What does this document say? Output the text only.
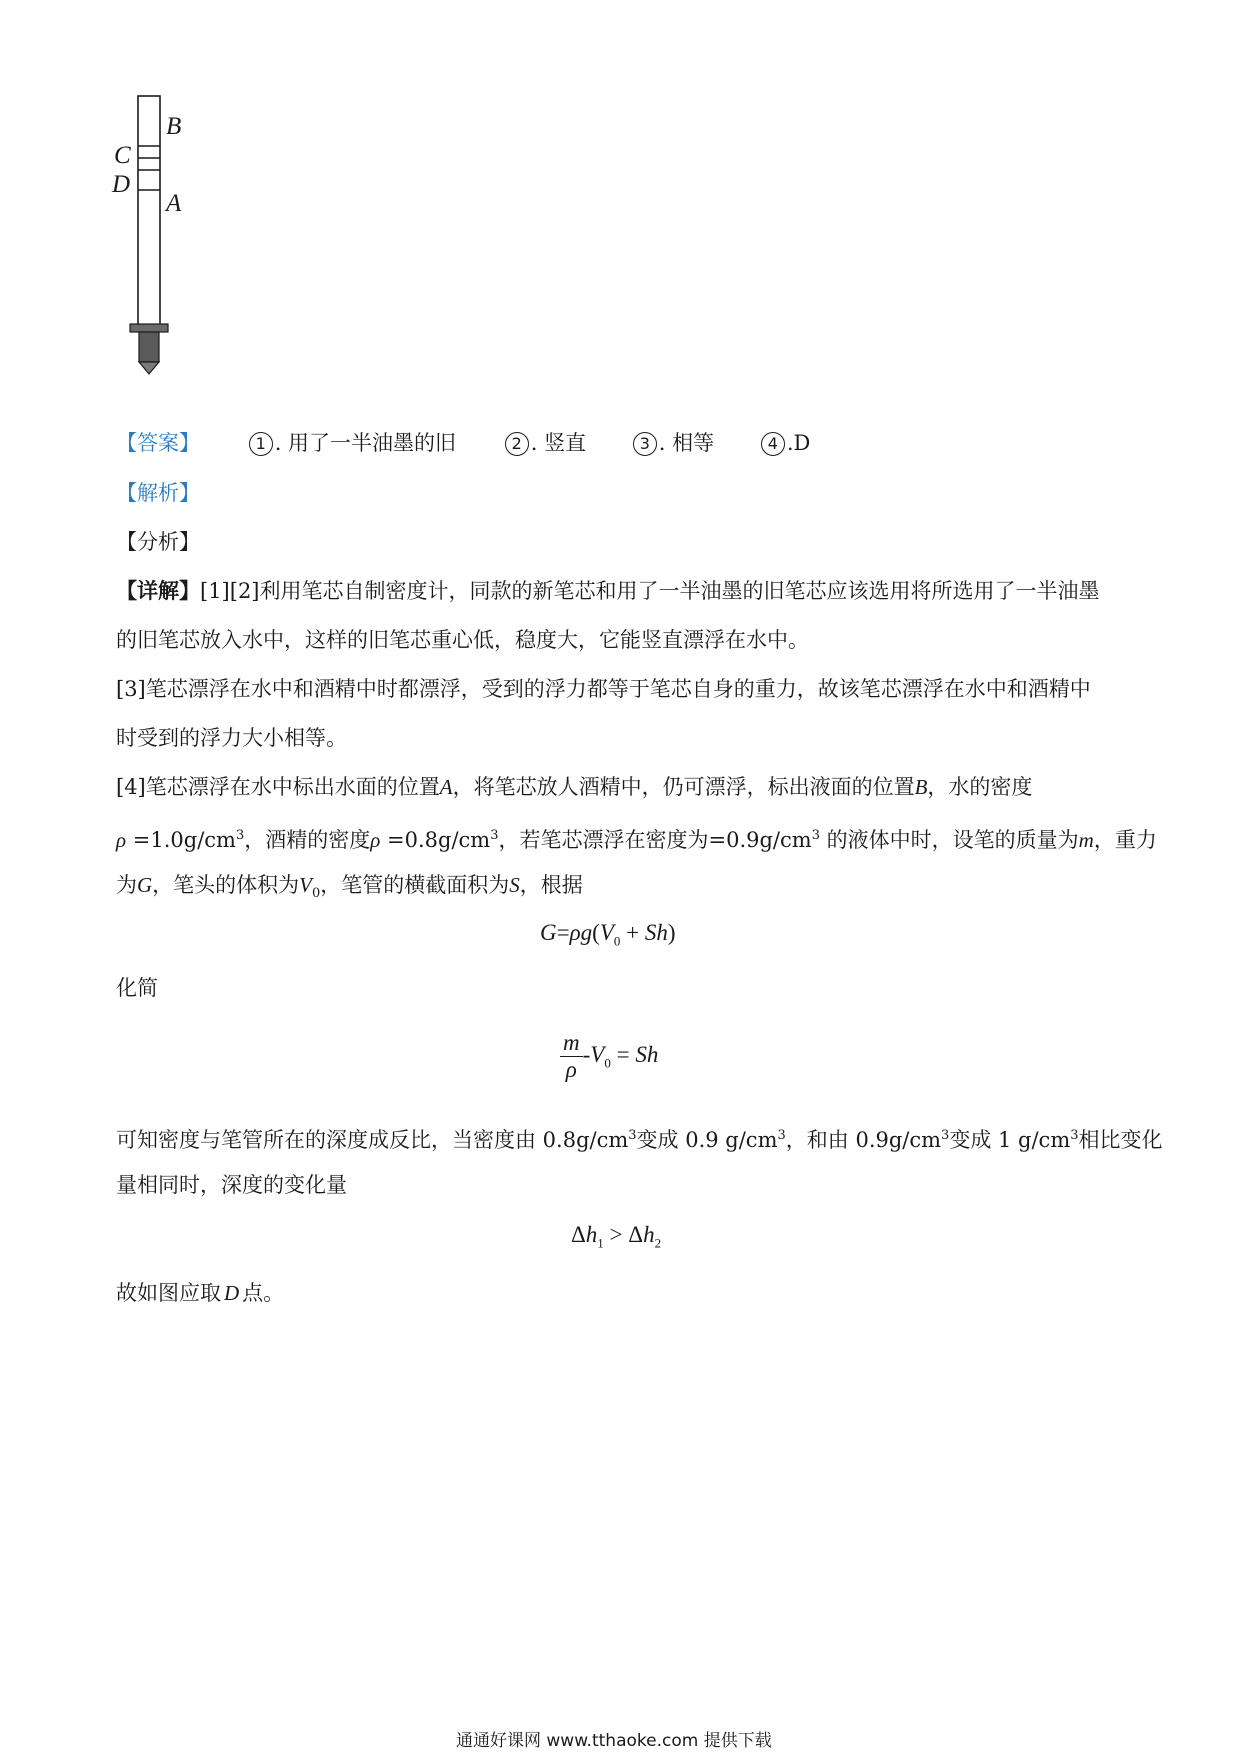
B
C
D
A
【答案】	1 . 用了一半油墨的旧	2 . 竖直	3 . 相等	4 .D
【解析】
【分析】
【详解】[1][2]利用笔芯自制密度计，同款的新笔芯和用了一半油墨的旧笔芯应该选用将所选用了一半油墨
的旧笔芯放入水中，这样的旧笔芯重心低，稳度大，它能竖直漂浮在水中。
[3]笔芯漂浮在水中和酒精中时都漂浮，受到的浮力都等于笔芯自身的重力，故该笔芯漂浮在水中和酒精中
时受到的浮力大小相等。
[4]笔芯漂浮在水中标出水面的位置A，将笔芯放人酒精中，仍可漂浮，标出液面的位置B，水的密度
$\rho =1.0g/cm^3$，酒精的密度$\rho =0.8g/cm^3$，若笔芯漂浮在密度为$=0.9g/cm^3$ 的液体中时，设笔的质量为m，重力
为G，笔头的体积为$V_0$，笔管的横截面积为S，根据
$G=\rho g(V_0 + Sh)$
化简
$\frac{m}{\rho} -V_0 = Sh$
可知密度与笔管所在的深度成反比，当密度由 $0.8g/cm^3$变成 0.9 $g/cm^3$，和由 $0.9g/cm^3$变成 1 $g/cm^3$相比变化
量相同时，深度的变化量
$\Delta h_1 > \Delta h_2$
故如图应取 D 点。
通通好课网 www.tthaoke.com 提供下载
